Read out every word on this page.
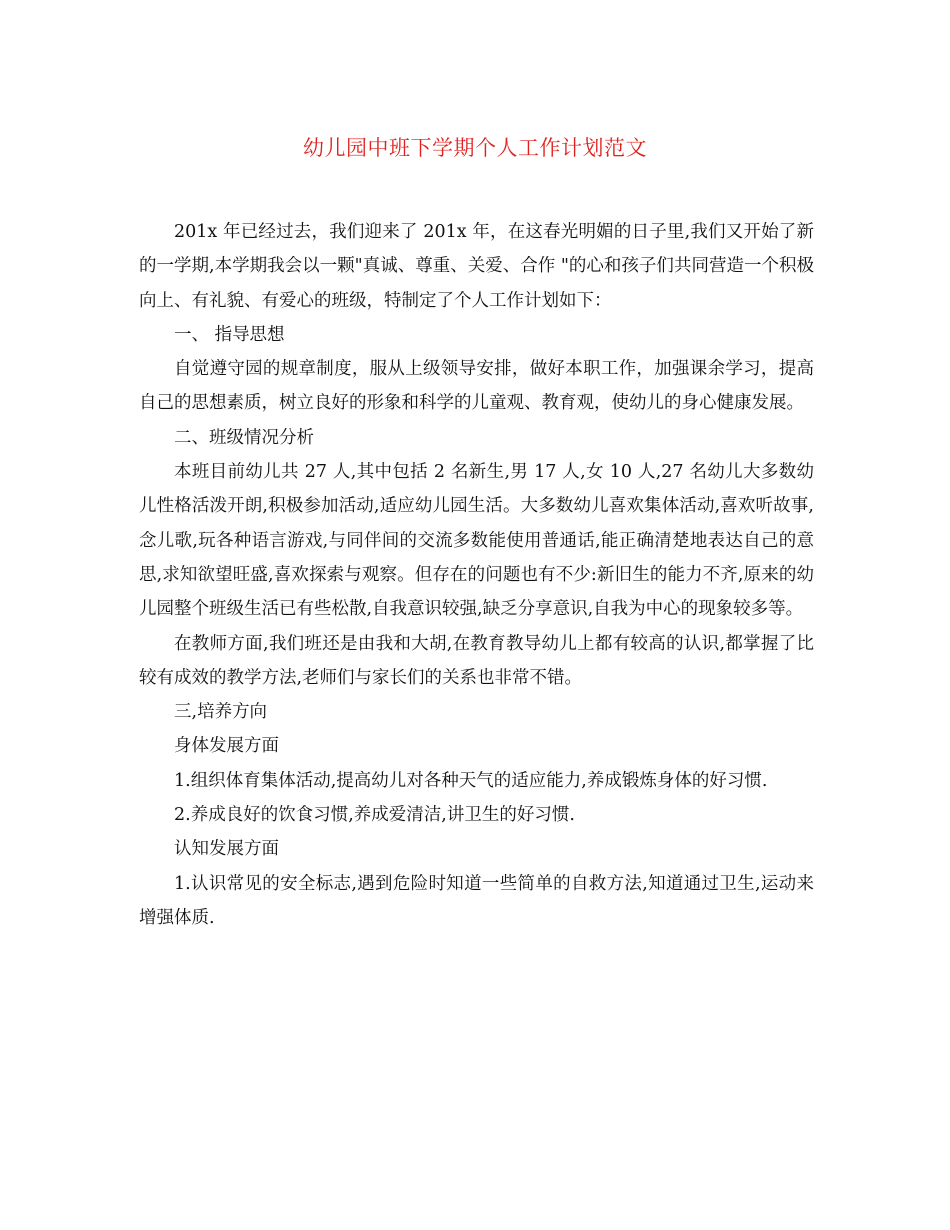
幼儿园中班下学期个人工作计划范文

201x 年已经过去，我们迎来了 201x 年，在这春光明媚的日子里,我们又开始了新的一学期,本学期我会以一颗"真诚、尊重、关爱、合作 "的心和孩子们共同营造一个积极向上、有礼貌、有爱心的班级，特制定了个人工作计划如下：

一、 指导思想

自觉遵守园的规章制度，服从上级领导安排，做好本职工作，加强课余学习，提高自己的思想素质，树立良好的形象和科学的儿童观、教育观，使幼儿的身心健康发展。

二、班级情况分析

本班目前幼儿共 27 人,其中包括 2 名新生,男 17 人,女 10 人,27 名幼儿大多数幼儿性格活泼开朗,积极参加活动,适应幼儿园生活。大多数幼儿喜欢集体活动,喜欢听故事,念儿歌,玩各种语言游戏,与同伴间的交流多数能使用普通话,能正确清楚地表达自己的意思,求知欲望旺盛,喜欢探索与观察。但存在的问题也有不少:新旧生的能力不齐,原来的幼儿园整个班级生活已有些松散,自我意识较强,缺乏分享意识,自我为中心的现象较多等。

在教师方面,我们班还是由我和大胡,在教育教导幼儿上都有较高的认识,都掌握了比较有成效的教学方法,老师们与家长们的关系也非常不错。

三,培养方向

身体发展方面

1.组织体育集体活动,提高幼儿对各种天气的适应能力,养成锻炼身体的好习惯.

2.养成良好的饮食习惯,养成爱清洁,讲卫生的好习惯.

认知发展方面

1.认识常见的安全标志,遇到危险时知道一些简单的自救方法,知道通过卫生,运动来增强体质.
